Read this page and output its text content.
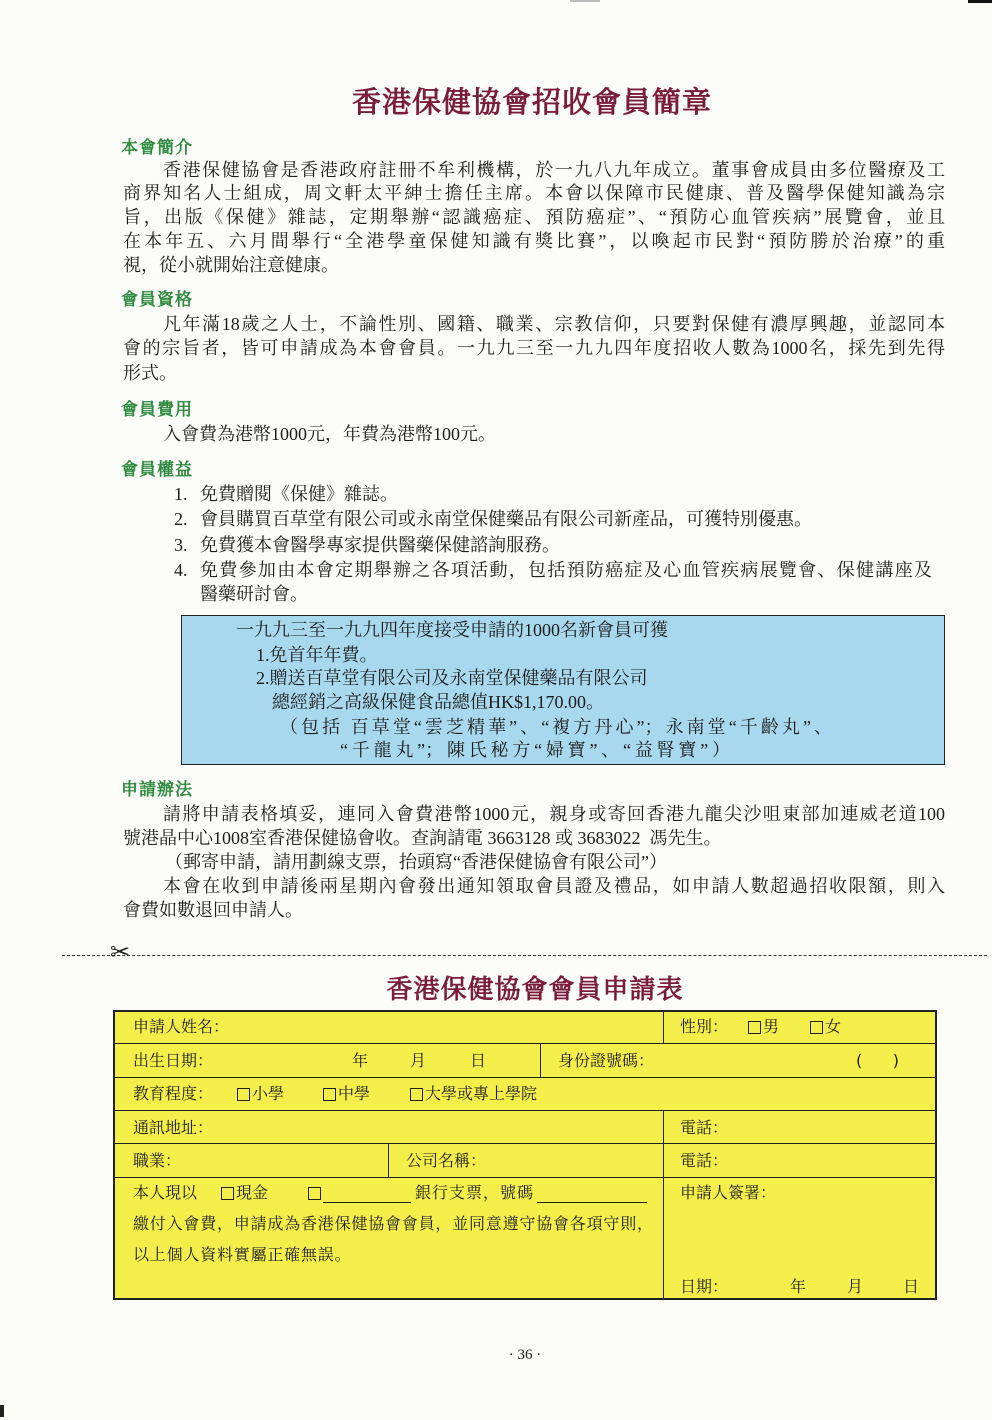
香港保健協會招收會員簡章
本會簡介
香港保健協會是香港政府註冊不牟利機構，於一九八九年成立。董事會成員由多位醫療及工
商界知名人士組成，周文軒太平紳士擔任主席。本會以保障市民健康、普及醫學保健知識為宗
旨，出版《保健》雜誌，定期舉辦“認識癌症、預防癌症”、“預防心血管疾病”展覽會，並且
在本年五、六月間舉行“全港學童保健知識有獎比賽”，以喚起市民對“預防勝於治療”的重
視，從小就開始注意健康。
會員資格
凡年滿18歲之人士，不論性別、國籍、職業、宗教信仰，只要對保健有濃厚興趣，並認同本
會的宗旨者，皆可申請成為本會會員。一九九三至一九九四年度招收人數為1000名，採先到先得
形式。
會員費用
入會費為港幣1000元，年費為港幣100元。
會員權益
1. 免費贈閱《保健》雜誌。
2. 會員購買百草堂有限公司或永南堂保健藥品有限公司新產品，可獲特別優惠。
3. 免費獲本會醫學專家提供醫藥保健諮詢服務。
4. 免費參加由本會定期舉辦之各項活動，包括預防癌症及心血管疾病展覽會、保健講座及
醫藥研討會。
一九九三至一九九四年度接受申請的1000名新會員可獲
1.免首年年費。
2.贈送百草堂有限公司及永南堂保健藥品有限公司
總經銷之高級保健食品總值HK$1,170.00。
（包括 百草堂“雲芝精華”、“複方丹心”；永南堂“千齡丸”、
“千龍丸”；陳氏秘方“婦寶”、“益腎寶”）
申請辦法
請將申請表格填妥，連同入會費港幣1000元，親身或寄回香港九龍尖沙咀東部加連威老道100
號港晶中心1008室香港保健協會收。查詢請電 3663128 或 3683022  馮先生。
（郵寄申請，請用劃線支票，抬頭寫“香港保健協會有限公司”）
本會在收到申請後兩星期內會發出通知領取會員證及禮品，如申請人數超過招收限額，則入
會費如數退回申請人。
✂
香港保健協會會員申請表
申請人姓名：	性別： 男	女
出生日期：	年	月	日	身份證號碼：	(      )
教育程度： 小學	中學	大學或專上學院
通訊地址：	電話：
職業：	公司名稱：	電話：
本人現以 現金	銀行支票，號碼
繳付入會費，申請成為香港保健協會會員，並同意遵守協會各項守則，
以上個人資料實屬正確無誤。
申請人簽署：
日期：	年	月 日
· 36 ·
